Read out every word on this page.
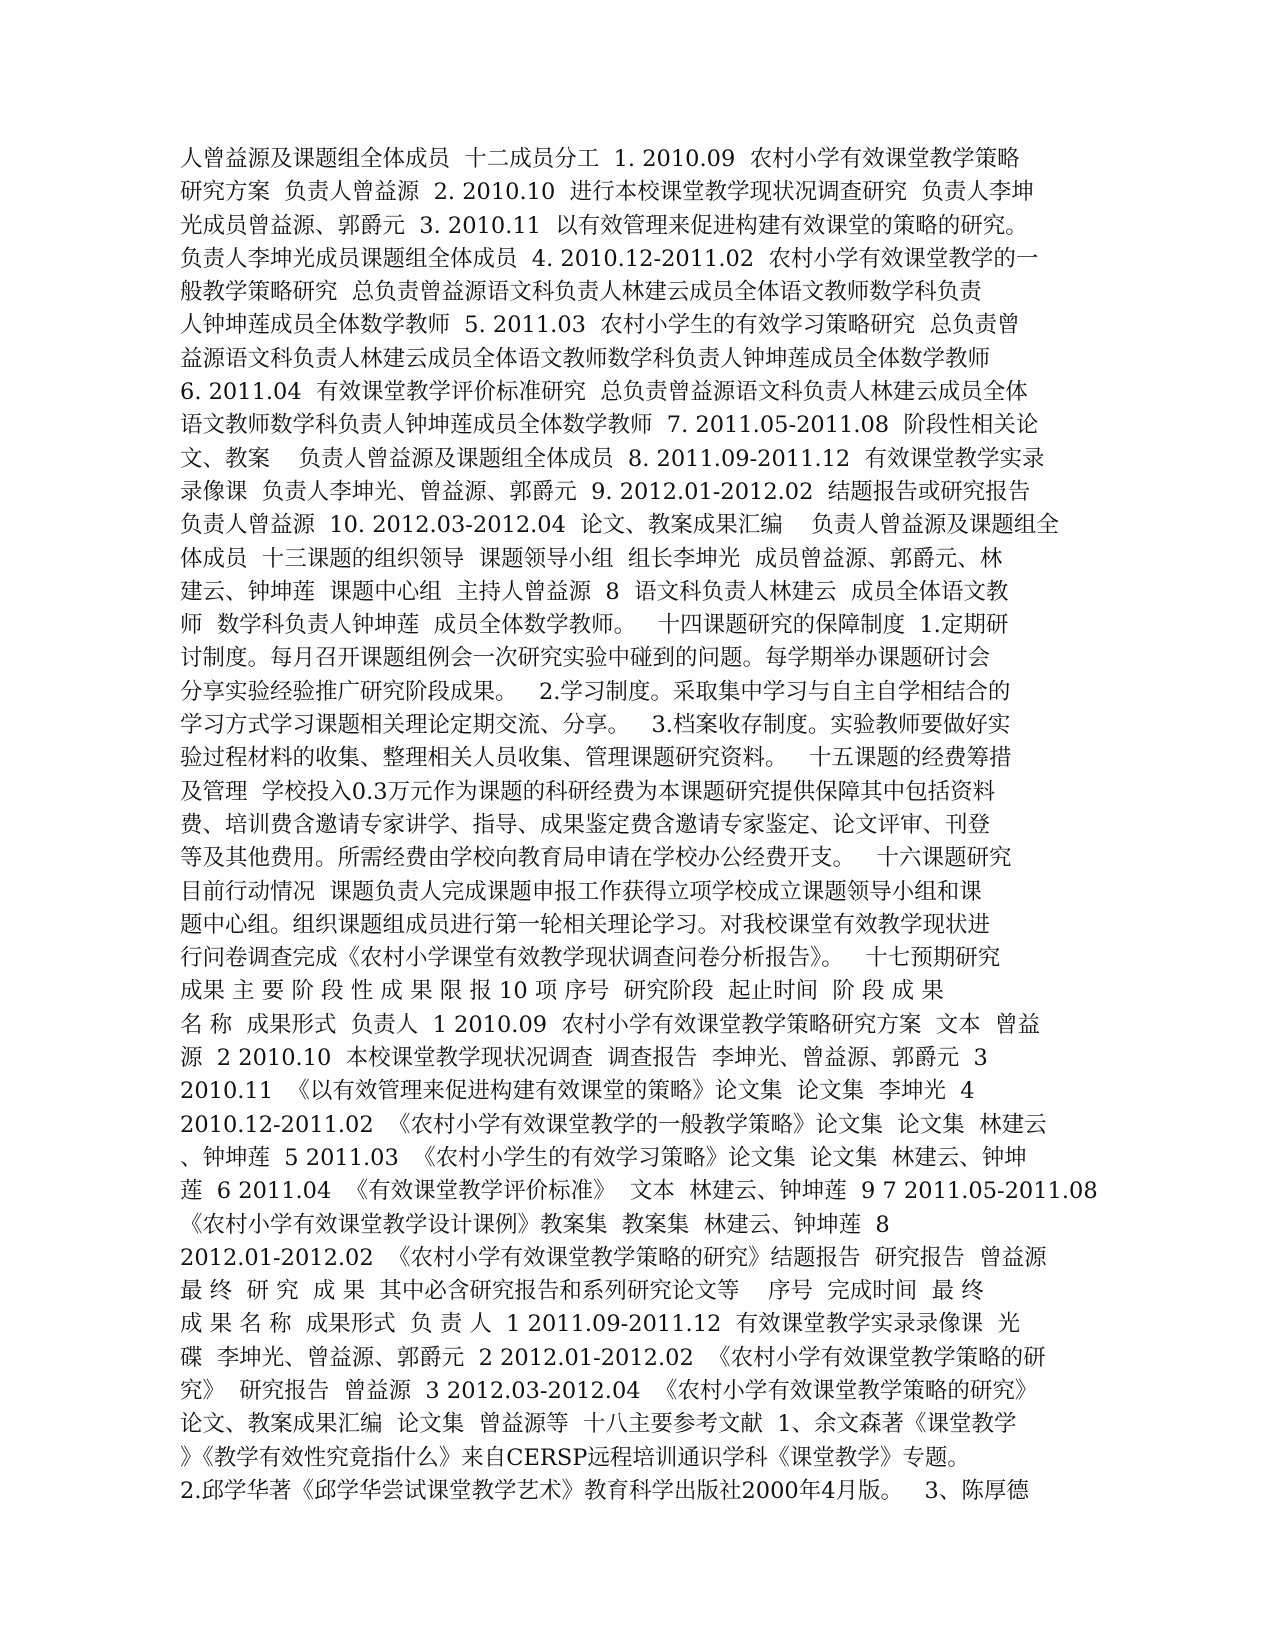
人曾益源及课题组全体成员  十二成员分工  1. 2010.09  农村小学有效课堂教学策略
研究方案  负责人曾益源  2. 2010.10  进行本校课堂教学现状况调查研究  负责人李坤
光成员曾益源、郭爵元  3. 2010.11  以有效管理来促进构建有效课堂的策略的研究。
负责人李坤光成员课题组全体成员  4. 2010.12-2011.02  农村小学有效课堂教学的一
般教学策略研究  总负责曾益源语文科负责人林建云成员全体语文教师数学科负责
人钟坤莲成员全体数学教师  5. 2011.03  农村小学生的有效学习策略研究  总负责曾
益源语文科负责人林建云成员全体语文教师数学科负责人钟坤莲成员全体数学教师
6. 2011.04  有效课堂教学评价标准研究  总负责曾益源语文科负责人林建云成员全体
语文教师数学科负责人钟坤莲成员全体数学教师  7. 2011.05-2011.08  阶段性相关论
文、教案    负责人曾益源及课题组全体成员  8. 2011.09-2011.12  有效课堂教学实录
录像课  负责人李坤光、曾益源、郭爵元  9. 2012.01-2012.02  结题报告或研究报告
负责人曾益源  10. 2012.03-2012.04  论文、教案成果汇编    负责人曾益源及课题组全
体成员  十三课题的组织领导  课题领导小组  组长李坤光  成员曾益源、郭爵元、林
建云、钟坤莲  课题中心组  主持人曾益源  8  语文科负责人林建云  成员全体语文教
师  数学科负责人钟坤莲  成员全体数学教师。   十四课题研究的保障制度  1.定期研
讨制度。每月召开课题组例会一次研究实验中碰到的问题。每学期举办课题研讨会
分享实验经验推广研究阶段成果。   2.学习制度。采取集中学习与自主自学相结合的
学习方式学习课题相关理论定期交流、分享。   3.档案收存制度。实验教师要做好实
验过程材料的收集、整理相关人员收集、管理课题研究资料。   十五课题的经费筹措
及管理  学校投入0.3万元作为课题的科研经费为本课题研究提供保障其中包括资料
费、培训费含邀请专家讲学、指导、成果鉴定费含邀请专家鉴定、论文评审、刊登
等及其他费用。所需经费由学校向教育局申请在学校办公经费开支。   十六课题研究
目前行动情况  课题负责人完成课题申报工作获得立项学校成立课题领导小组和课
题中心组。组织课题组成员进行第一轮相关理论学习。对我校课堂有效教学现状进
行问卷调查完成《农村小学课堂有效教学现状调查问卷分析报告》。   十七预期研究
成果 主 要 阶 段 性 成 果 限 报 10 项 序号  研究阶段  起止时间  阶 段 成 果
名 称  成果形式  负责人  1 2010.09  农村小学有效课堂教学策略研究方案  文本  曾益
源  2 2010.10  本校课堂教学现状况调查  调查报告  李坤光、曾益源、郭爵元  3
2010.11  《以有效管理来促进构建有效课堂的策略》论文集  论文集  李坤光  4
2010.12-2011.02  《农村小学有效课堂教学的一般教学策略》论文集  论文集  林建云
、钟坤莲  5 2011.03  《农村小学生的有效学习策略》论文集  论文集  林建云、钟坤
莲  6 2011.04  《有效课堂教学评价标准》  文本  林建云、钟坤莲  9 7 2011.05-2011.08
《农村小学有效课堂教学设计课例》教案集  教案集  林建云、钟坤莲  8
2012.01-2012.02  《农村小学有效课堂教学策略的研究》结题报告  研究报告  曾益源
最 终  研 究  成 果  其中必含研究报告和系列研究论文等    序号  完成时间  最 终
成 果 名 称  成果形式  负 责 人  1 2011.09-2011.12  有效课堂教学实录录像课  光
碟  李坤光、曾益源、郭爵元  2 2012.01-2012.02  《农村小学有效课堂教学策略的研
究》  研究报告  曾益源  3 2012.03-2012.04  《农村小学有效课堂教学策略的研究》
论文、教案成果汇编  论文集  曾益源等  十八主要参考文献  1、余文森著《课堂教学
》《教学有效性究竟指什么》来自CERSP远程培训通识学科《课堂教学》专题。
2.邱学华著《邱学华尝试课堂教学艺术》教育科学出版社2000年4月版。   3、陈厚德
